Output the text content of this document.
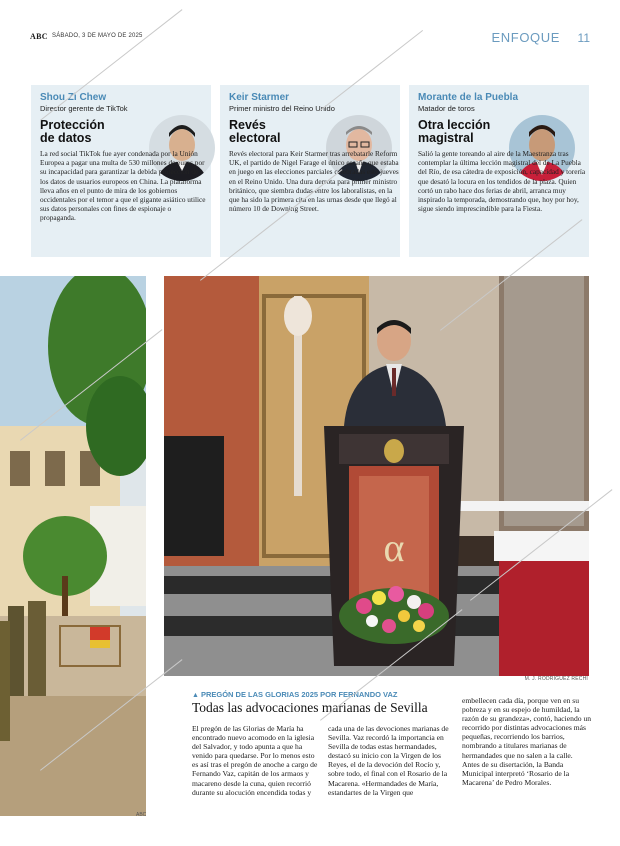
ABC SÁBADO, 3 DE MAYO DE 2025	ENFOQUE 11
Shou Zi Chew
Director gerente de TikTok
Protección
de datos
La red social TikTok fue ayer condenada por la Unión Europea a pagar una multa de 530 millones de euros por su incapacidad para garantizar la debida protección de los datos de usuarios europeos en China. La plataforma lleva años en el punto de mira de los gobiernos occidentales por el temor a que el gigante asiático utilice sus datos personales con fines de espionaje o propaganda.
Keir Starmer
Primer ministro del Reino Unido
Revés
electoral
Revés electoral para Keir Starmer tras arrebatarle Reform UK, el partido de Nigel Farage el único escaño que estaba en juego en las elecciones parciales celebradas este jueves en el Reino Unido. Una dura derrota para primer ministro británico, que siembra dudas entre los laboralistas, en la que ha sido la primera cita en las urnas desde que llegó al número 10 de Downing Street.
Morante de la Puebla
Matador de toros
Otra lección
magistral
Salió la gente toreando al aire de la Maestranza tras contemplar la última lección magistral del de La Puebla del Río, de esa cátedra de exposición, capacidad y torería que desató la locura en los tendidos de la plaza. Quien cortó un rabo hace dos ferias de abril, arranca muy inspirado la temporada, demostrando que, hoy por hoy, sigue siendo imprescindible para la Fiesta.
α
M. J. RODRÍGUEZ RECHI
ABC
▲ PREGÓN DE LAS GLORIAS 2025 POR FERNANDO VAZ
Todas las advocaciones marianas de Sevilla

El pregón de las Glorias de María ha encontrado nuevo acomodo en la iglesia del Salvador, y todo apunta a que ha venido para quedarse. Por lo menos esto es así tras el pregón de anoche a cargo de Fernando Vaz, capitán de los armaos y macareno desde la cuna, quien recorrió durante su alocución encendida todas y

cada una de las devociones marianas de Sevilla. Vaz recordó la importancia en Sevilla de todas estas hermandades, destacó su inicio con la Virgen de los Reyes, el de la devoción del Rocío y, sobre todo, el final con el Rosario de la Macarena. «Hermandades de María, estandartes de la Virgen que

embellecen cada día, porque ven en su pobreza y en su espejo de humildad, la razón de su grandeza», contó, haciendo un recorrido por distintas advocaciones más pequeñas, recorriendo los barrios, nombrando a titulares marianas de hermandades que no salen a la calle.

Antes de su disertación, la Banda Municipal interpretó ‘Rosario de la Macarena’ de Pedro Morales.
